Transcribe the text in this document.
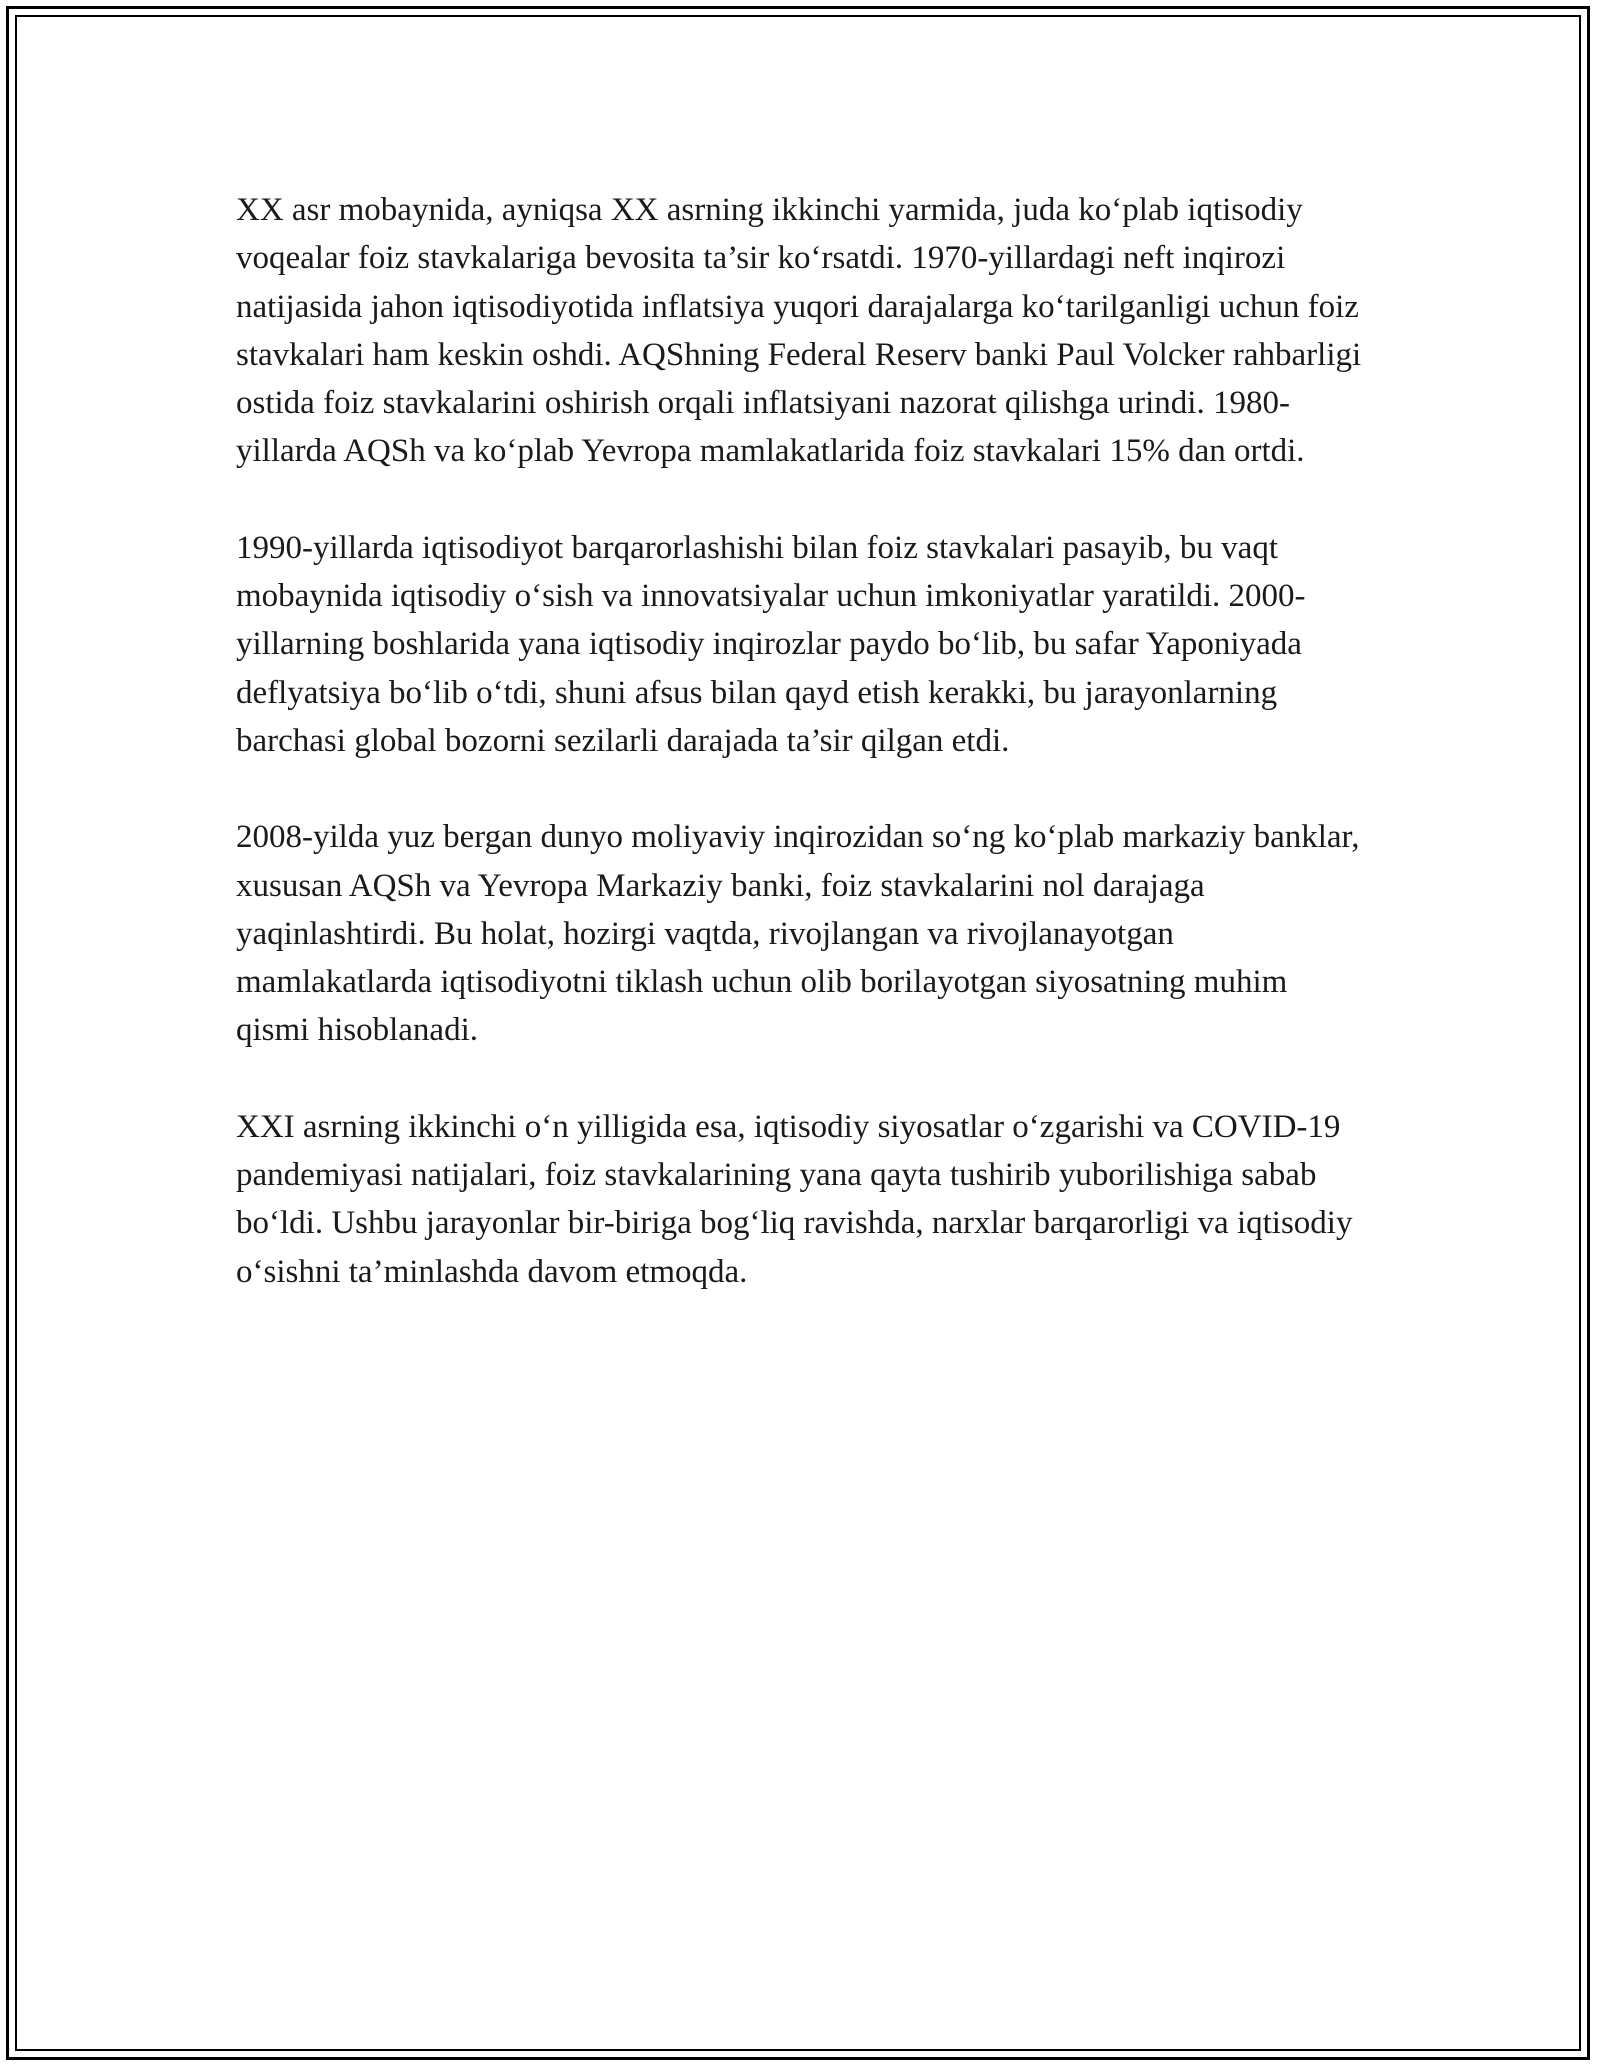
XX asr mobaynida, ayniqsa XX asrning ikkinchi yarmida, juda ko‘plab iqtisodiy voqealar foiz stavkalariga bevosita ta’sir ko‘rsatdi. 1970-yillardagi neft inqirozi natijasida jahon iqtisodiyotida inflatsiya yuqori darajalarga ko‘tarilganligi uchun foiz stavkalari ham keskin oshdi. AQShning Federal Reserv banki Paul Volcker rahbarligi ostida foiz stavkalarini oshirish orqali inflatsiyani nazorat qilishga urindi. 1980-yillarda AQSh va ko‘plab Yevropa mamlakatlarida foiz stavkalari 15% dan ortdi.

1990-yillarda iqtisodiyot barqarorlashishi bilan foiz stavkalari pasayib, bu vaqt mobaynida iqtisodiy o‘sish va innovatsiyalar uchun imkoniyatlar yaratildi. 2000-yillarning boshlarida yana iqtisodiy inqirozlar paydo bo‘lib, bu safar Yaponiyada deflyatsiya bo‘lib o‘tdi, shuni afsus bilan qayd etish kerakki, bu jarayonlarning barchasi global bozorni sezilarli darajada ta’sir qilgan etdi.

2008-yilda yuz bergan dunyo moliyaviy inqirozidan so‘ng ko‘plab markaziy banklar, xususan AQSh va Yevropa Markaziy banki, foiz stavkalarini nol darajaga yaqinlashtirdi. Bu holat, hozirgi vaqtda, rivojlangan va rivojlanayotgan mamlakatlarda iqtisodiyotni tiklash uchun olib borilayotgan siyosatning muhim qismi hisoblanadi.

XXI asrning ikkinchi o‘n yilligida esa, iqtisodiy siyosatlar o‘zgarishi va COVID-19 pandemiyasi natijalari, foiz stavkalarining yana qayta tushirib yuborilishiga sabab bo‘ldi. Ushbu jarayonlar bir-biriga bog‘liq ravishda, narxlar barqarorligi va iqtisodiy o‘sishni ta’minlashda davom etmoqda.
